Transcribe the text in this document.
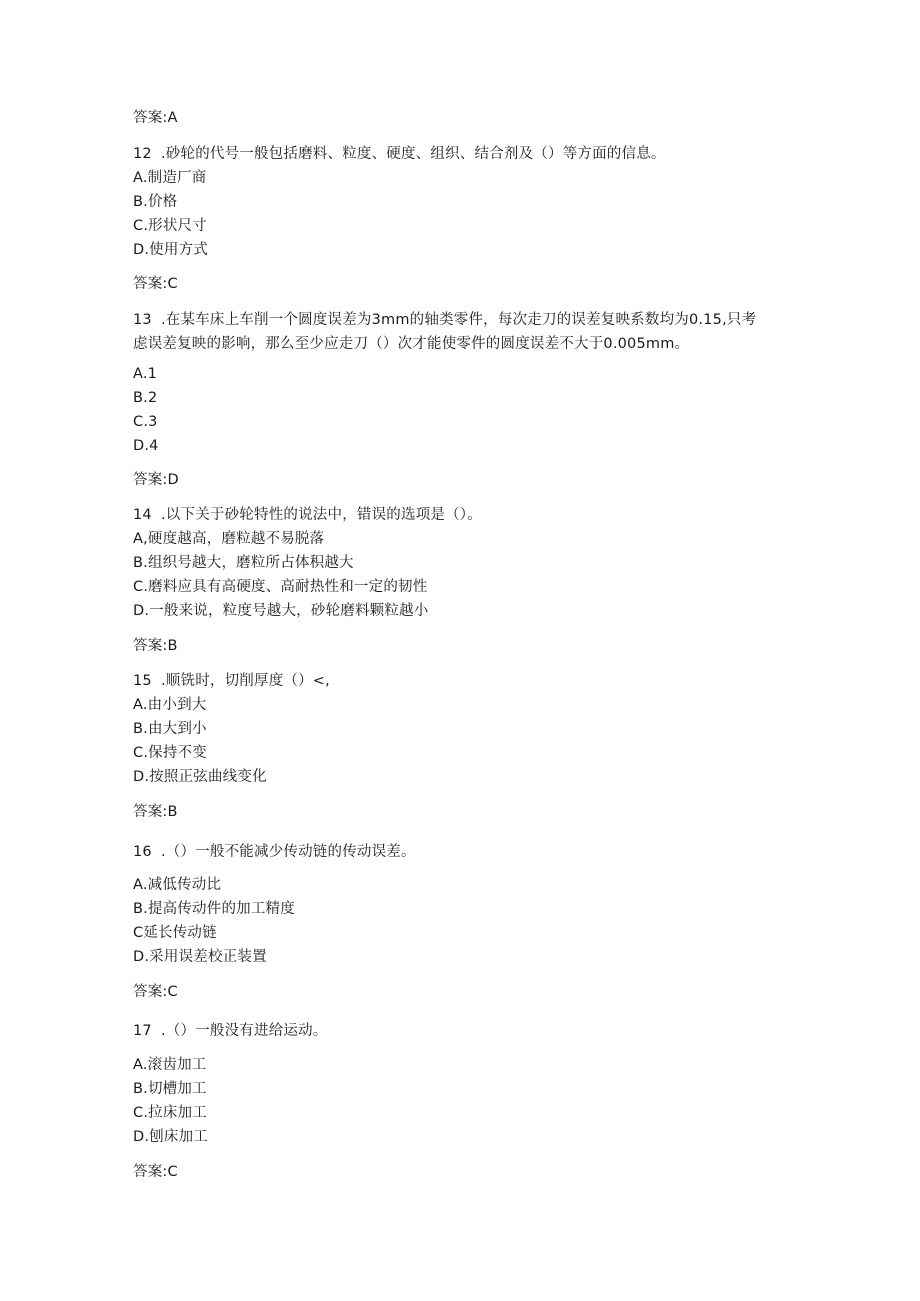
答案:A
12 .砂轮的代号一般包括磨料、粒度、硬度、组织、结合剂及（）等方面的信息。
A.制造厂商
B.价格
C.形状尺寸
D.使用方式
答案:C
13 .在某车床上车削一个圆度误差为3mm的轴类零件，每次走刀的误差复映系数均为0.15,只考
虑误差复映的影响，那么至少应走刀（）次才能使零件的圆度误差不大于0.005mm。
A.1
B.2
C.3
D.4
答案:D
14 .以下关于砂轮特性的说法中，错误的选项是（）。
A,硬度越高，磨粒越不易脱落
B.组织号越大，磨粒所占体积越大
C.磨料应具有高硬度、高耐热性和一定的韧性
D.一般来说，粒度号越大，砂轮磨料颗粒越小
答案:B
15 .顺铣时，切削厚度（）<,
A.由小到大
B.由大到小
C.保持不变
D.按照正弦曲线变化
答案:B
16 .（）一般不能减少传动链的传动误差。
A.减低传动比
B.提高传动件的加工精度
C延长传动链
D.采用误差校正装置
答案:C
17 .（）一般没有进给运动。
A.滚齿加工
B.切槽加工
C.拉床加工
D.刨床加工
答案:C
